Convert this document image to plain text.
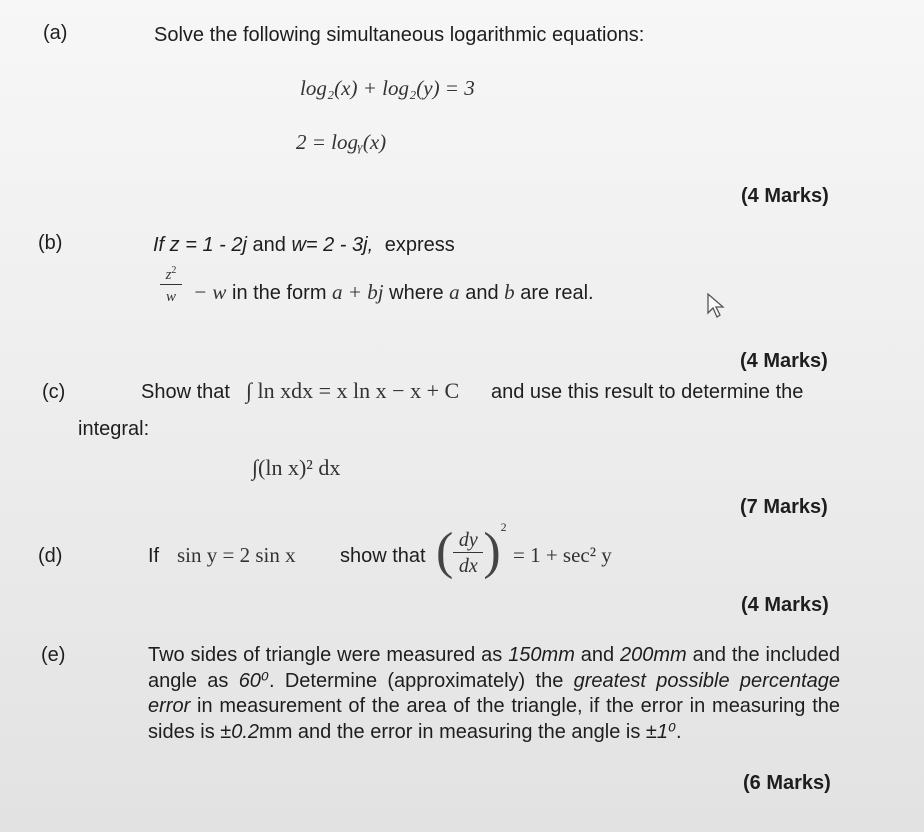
(a)	Solve the following simultaneous logarithmic equations:
log₂(x) + log₂(y) = 3
2 = logᵧ(x)
(4 Marks)
(b)	If z = 1 - 2j and w= 2 - 3j, express
$\frac{z^2}{w} - w$ in the form a + bj where a and b are real.
(4 Marks)
(c)	Show that ∫ ln xdx = x ln x − x + C and use this result to determine the
integral:
∫(ln x)² dx
(7 Marks)
(d)	If sin y = 2 sin x show that ( $\frac{dy}{dx} )^2$
= 1 + sec² y
(4 Marks)
(e)	Two sides of triangle were measured as 150mm and 200mm and the included angle as 60⁰. Determine (approximately) the greatest possible percentage error in measurement of the area of the triangle, if the error in measuring the sides is ±0.2mm and the error in measuring the angle is ±1⁰.
(6 Marks)
